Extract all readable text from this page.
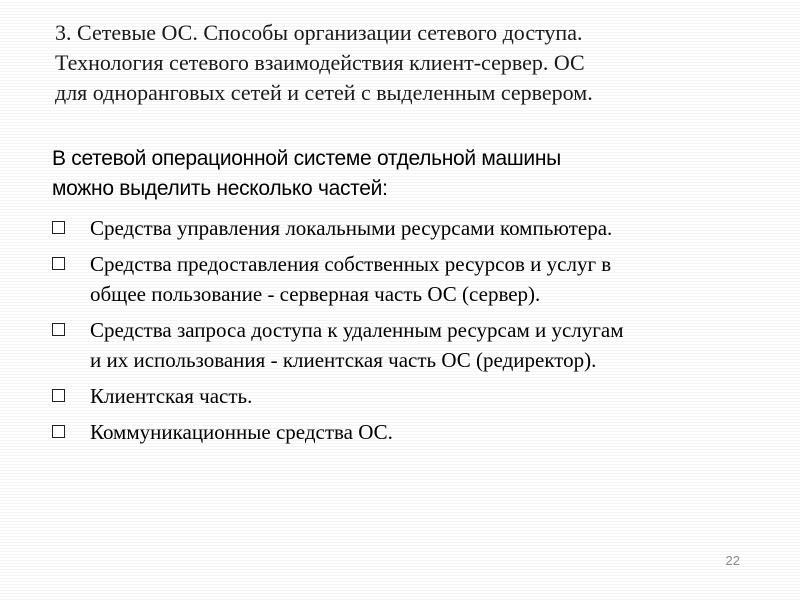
3. Сетевые ОС. Способы организации сетевого доступа.
Технология сетевого взаимодействия клиент-сервер. ОС
для одноранговых сетей и сетей с выделенным сервером.

В сетевой операционной системе отдельной машины
можно выделить несколько частей:

Средства управления локальными ресурсами компьютера.
Средства предоставления собственных ресурсов и услуг в
общее пользование - серверная часть ОС (сервер).
Средства запроса доступа к удаленным ресурсам и услугам
и их использования - клиентская часть ОС (редиректор).
Клиентская часть.
Коммуникационные средства ОС.
22
